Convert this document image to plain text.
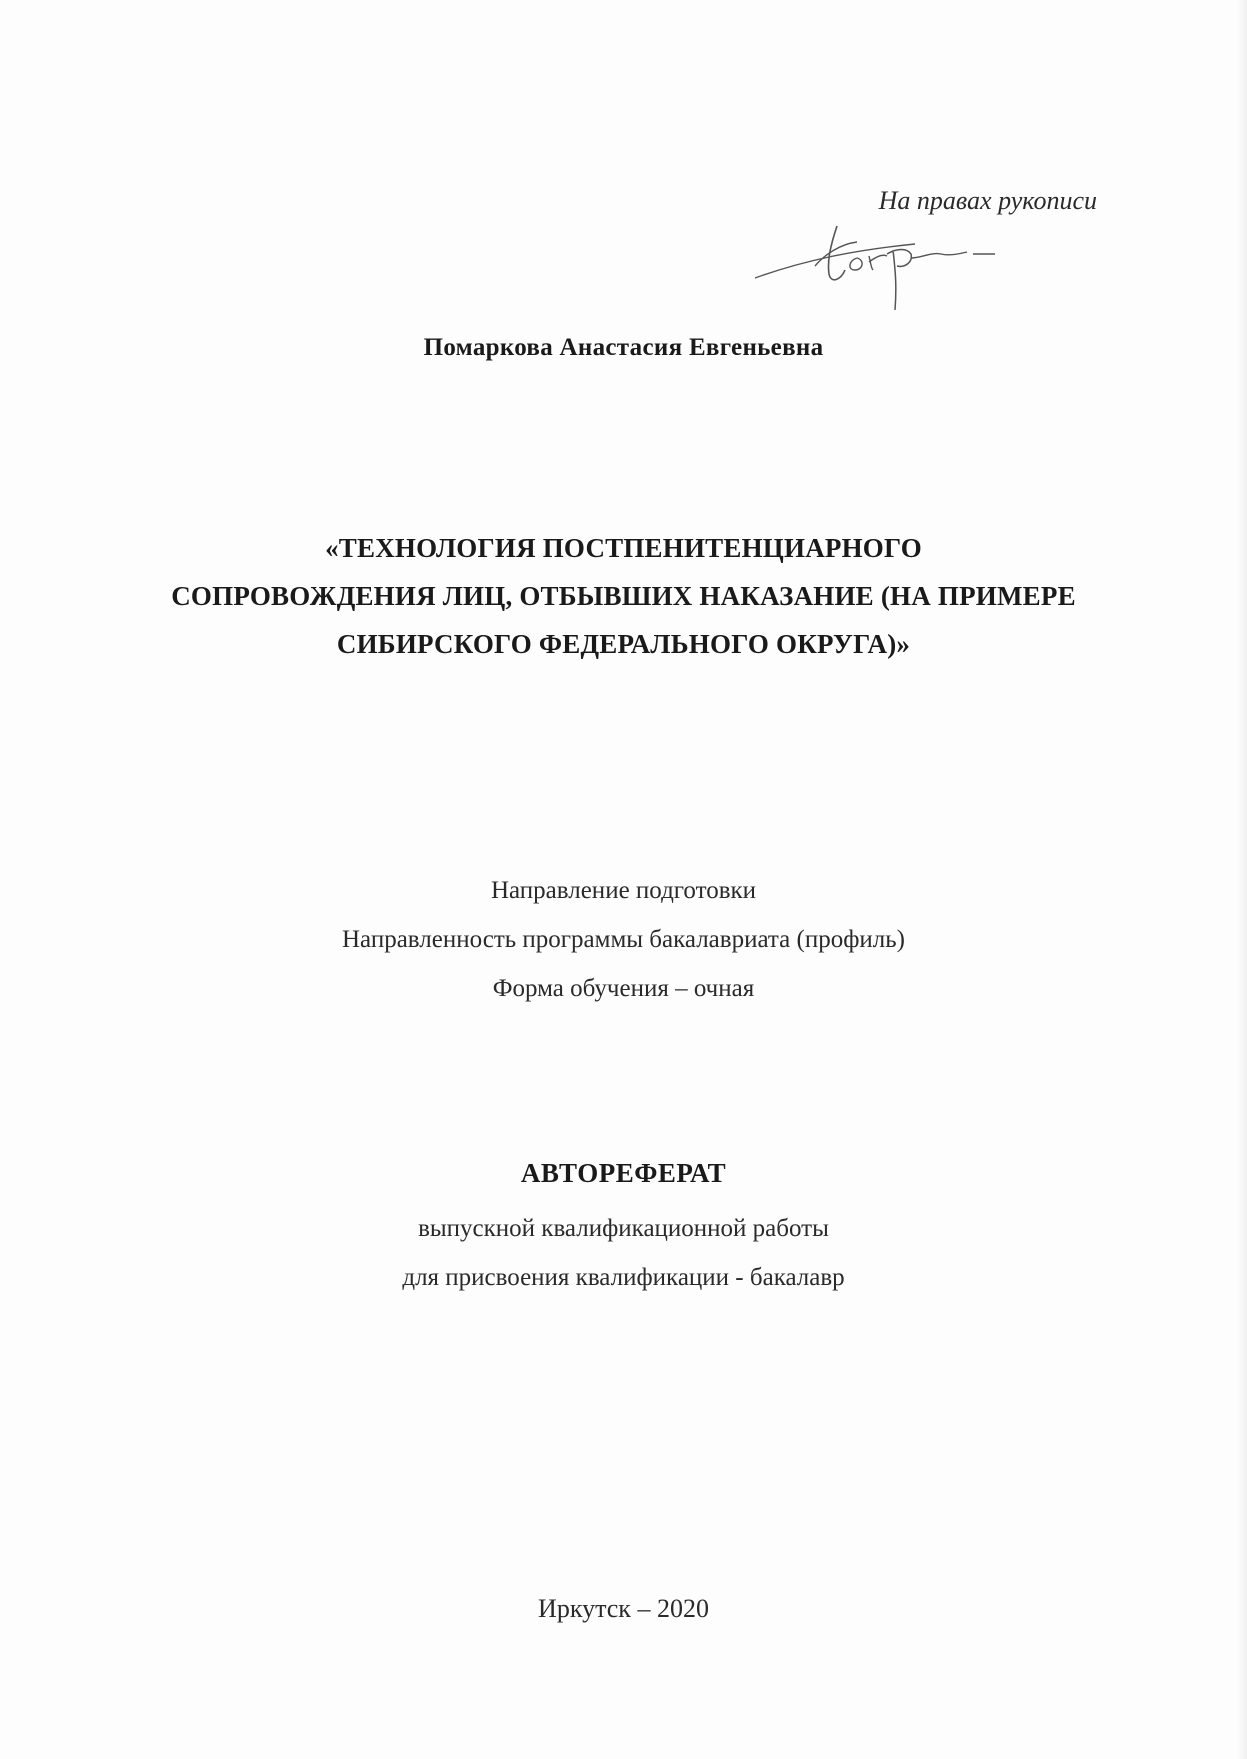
На правах рукописи
Помаркова Анастасия Евгеньевна
«ТЕХНОЛОГИЯ ПОСТПЕНИТЕНЦИАРНОГО
СОПРОВОЖДЕНИЯ ЛИЦ, ОТБЫВШИХ НАКАЗАНИЕ (НА ПРИМЕРЕ
СИБИРСКОГО ФЕДЕРАЛЬНОГО ОКРУГА)»
Направление подготовки
Направленность программы бакалавриата (профиль)
Форма обучения – очная
АВТОРЕФЕРАТ
выпускной квалификационной работы
для присвоения квалификации - бакалавр
Иркутск – 2020
